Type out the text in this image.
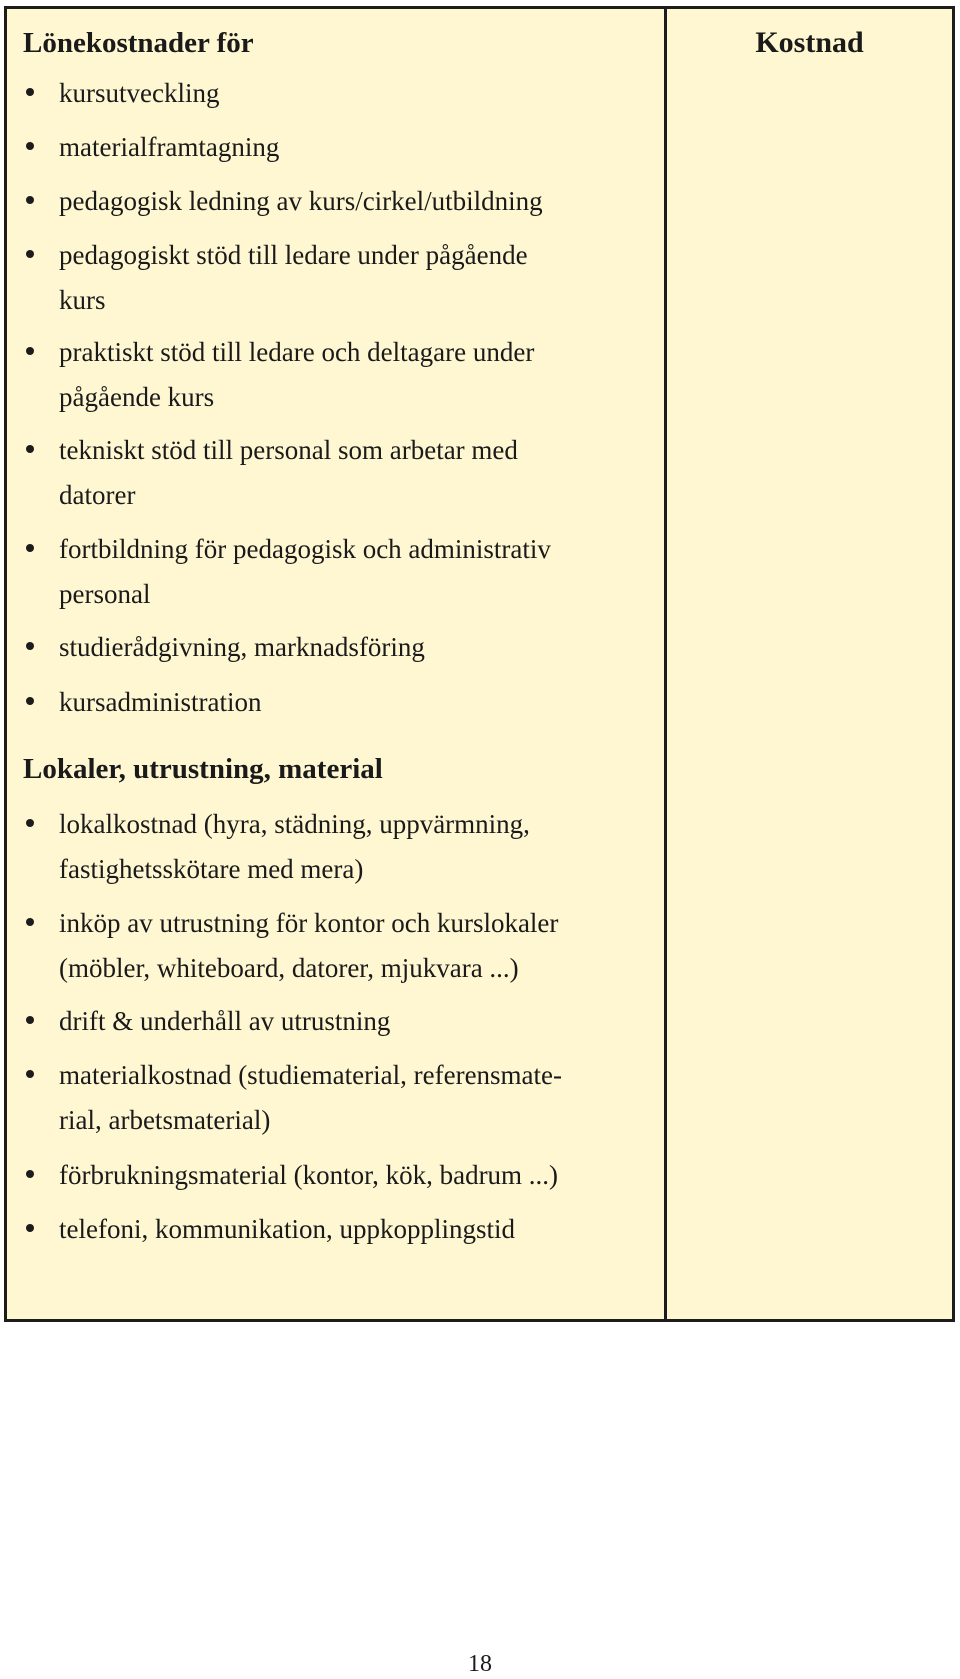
Lönekostnader för
kursutveckling
materialframtagning
pedagogisk ledning av kurs/cirkel/utbildning
pedagogiskt stöd till ledare under pågående
kurs
praktiskt stöd till ledare och deltagare under
pågående kurs
tekniskt stöd till personal som arbetar med
datorer
fortbildning för pedagogisk och administrativ
personal
studierådgivning, marknadsföring
kursadministration
Lokaler, utrustning, material
lokalkostnad (hyra, städning, uppvärmning,
fastighetsskötare med mera)
inköp av utrustning för kontor och kurslokaler
(möbler, whiteboard, datorer, mjukvara ...)
drift & underhåll av utrustning
materialkostnad (studiematerial, referensmate-
rial, arbetsmaterial)
förbrukningsmaterial (kontor, kök, badrum ...)
telefoni, kommunikation, uppkopplingstid
Kostnad
18
